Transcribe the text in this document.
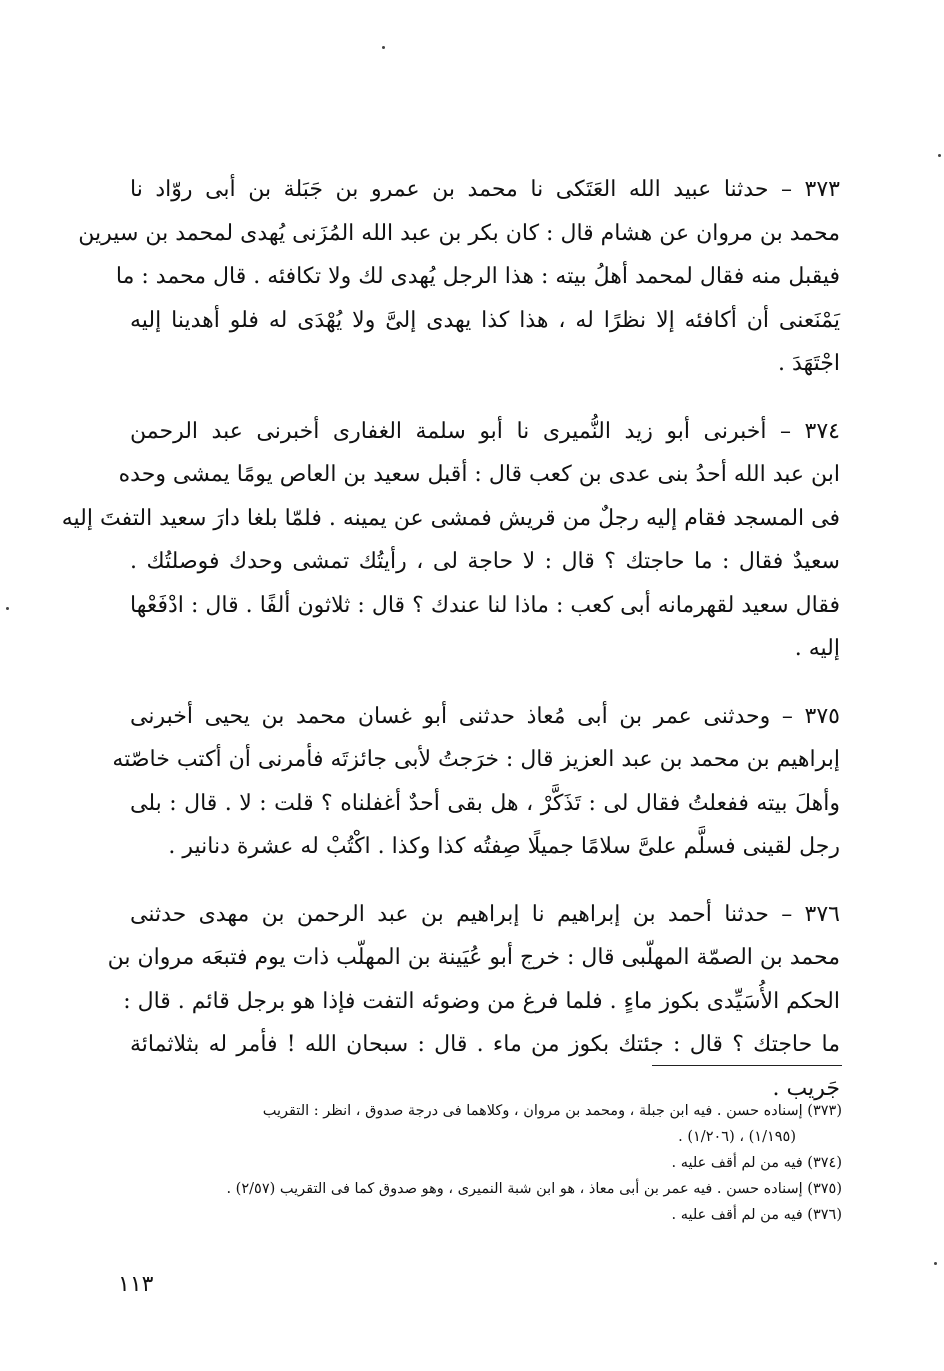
٣٧٣ – حدثنا عبيد الله العَتَكى نا محمد بن عمرو بن جَبَلة بن أبى روّاد نا
محمد بن مروان عن هشام قال : كان بكر بن عبد الله المُزَنى يُهدى لمحمد بن سيرين
فيقبل منه فقال لمحمد أهلُ بيته : هذا الرجل يُهدى لك ولا تكافئه . قال محمد : ما
يَمْنَعنى أن أكافئه إلا نظرًا له ، هذا كذا يهدى إلىَّ ولا يُهْدَى له فلو أهدينا إليه
اجْتَهَدَ .
٣٧٤ – أخبرنى أبو زيد النُّميرى نا أبو سلمة الغفارى أخبرنى عبد الرحمن
ابن عبد الله أحدُ بنى عدى بن كعب قال : أقبل سعيد بن العاص يومًا يمشى وحده
فى المسجد فقام إليه رجلٌ من قريش فمشى عن يمينه . فلمّا بلغا دارَ سعيد التفتَ إليه
سعيدٌ فقال : ما حاجتك ؟ قال : لا حاجة لى ، رأيتُك تمشى وحدك فوصلتُك .
فقال سعيد لقهرمانه أبى كعب : ماذا لنا عندك ؟ قال : ثلاثون ألفًا . قال : ادْفَعْها
إليه .
٣٧٥ – وحدثنى عمر بن أبى مُعاذ حدثنى أبو غسان محمد بن يحيى أخبرنى
إبراهيم بن محمد بن عبد العزيز قال : خرَجتُ لأبى جائزتَه فأمرنى أن أكتب خاصّته
وأهلَ بيته ففعلتُ فقال لى : تَذَكَّرْ ، هل بقى أحدٌ أغفلناه ؟ قلت : لا . قال : بلى
رجل لقينى فسلَّم علىَّ سلامًا جميلًا صِفتُه كذا وكذا . اكْتُبْ له عشرة دنانير .
٣٧٦ – حدثنا أحمد بن إبراهيم نا إبراهيم بن عبد الرحمن بن مهدى حدثنى
محمد بن الصمّة المهلّبى قال : خرج أبو عُيَينة بن المهلّب ذات يوم فتبعَه مروان بن
الحكم الأُسَيِّدى بكوز ماءٍ . فلما فرغ من وضوئه التفت فإذا هو برجل قائم . قال :
ما حاجتك ؟ قال : جئتك بكوز من ماء . قال : سبحان الله ! فأمر له بثلاثمائة
جَريب .
(٣٧٣) إسناده حسن . فيه ابن جبلة ، ومحمد بن مروان ، وكلاهما فى درجة صدوق ، انظر : التقريب
(١/١٩٥) ، (١/٢٠٦) .
(٣٧٤) فيه من لم أقف عليه .
(٣٧٥) إسناده حسن . فيه عمر بن أبى معاذ ، هو ابن شبة النميرى ، وهو صدوق كما فى التقريب (٢/٥٧) .
(٣٧٦) فيه من لم أقف عليه .
١١٣
